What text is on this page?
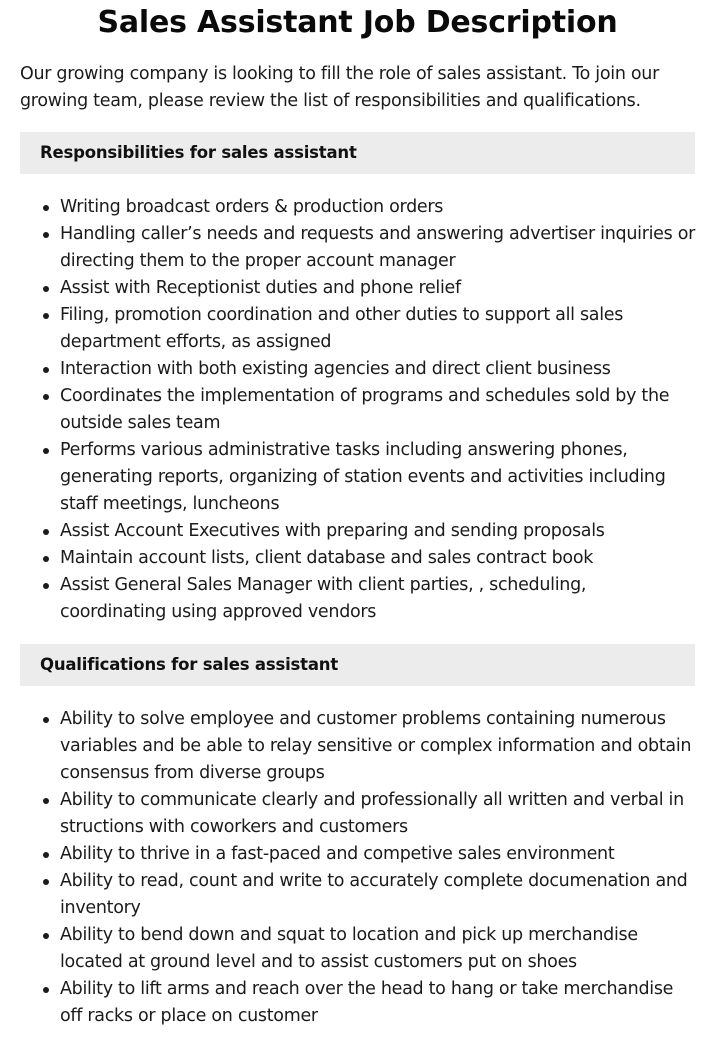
Sales Assistant Job Description

Our growing company is looking to fill the role of sales assistant. To join our growing team, please review the list of responsibilities and qualifications.

Responsibilities for sales assistant
Writing broadcast orders & production orders
Handling caller’s needs and requests and answering advertiser inquiries or directing them to the proper account manager
Assist with Receptionist duties and phone relief
Filing, promotion coordination and other duties to support all sales department efforts, as assigned
Interaction with both existing agencies and direct client business
Coordinates the implementation of programs and schedules sold by the outside sales team
Performs various administrative tasks including answering phones, generating reports, organizing of station events and activities including staff meetings, luncheons
Assist Account Executives with preparing and sending proposals
Maintain account lists, client database and sales contract book
Assist General Sales Manager with client parties, , scheduling, coordinating using approved vendors
Qualifications for sales assistant
Ability to solve employee and customer problems containing numerous variables and be able to relay sensitive or complex information and obtain consensus from diverse groups
Ability to communicate clearly and professionally all written and verbal in structions with coworkers and customers
Ability to thrive in a fast-paced and competive sales environment
Ability to read, count and write to accurately complete documenation and inventory
Ability to bend down and squat to location and pick up merchandise located at ground level and to assist customers put on shoes
Ability to lift arms and reach over the head to hang or take merchandise off racks or place on customer
